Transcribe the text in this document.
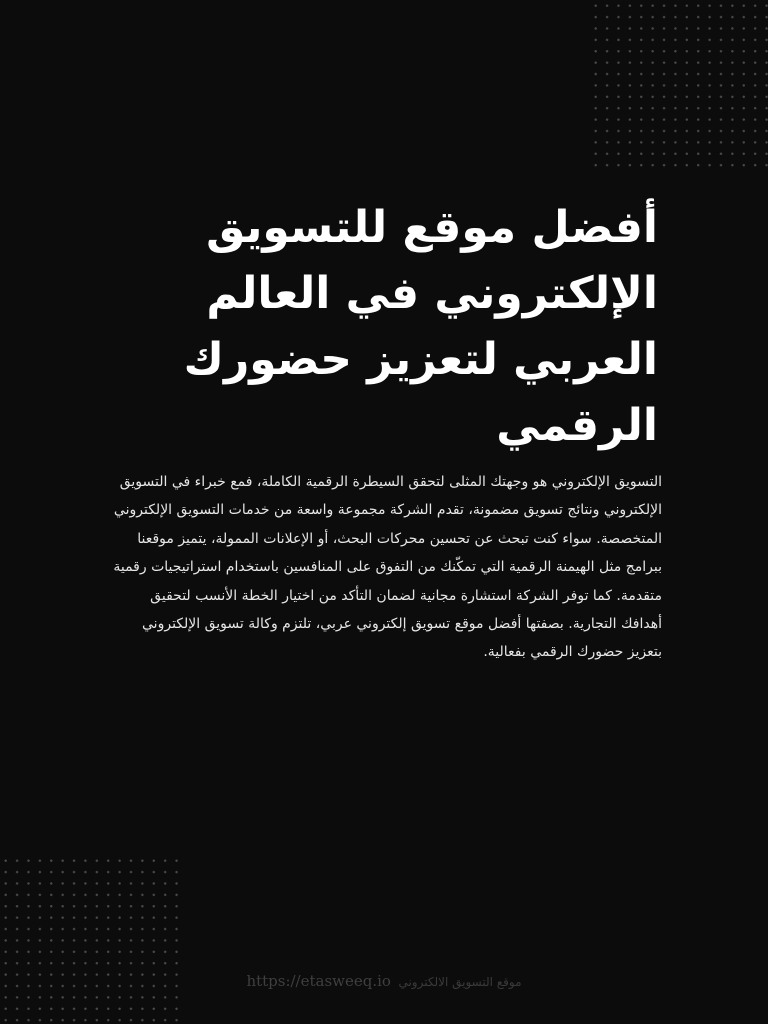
أفضل موقع للتسويق الإلكتروني في العالم العربي لتعزيز حضورك الرقمي

التسويق الإلكتروني هو وجهتك المثلى لتحقق السيطرة الرقمية الكاملة، فمع خبراء في التسويق الإلكتروني ونتائج تسويق مضمونة، تقدم الشركة مجموعة واسعة من خدمات التسويق الإلكتروني المتخصصة. سواء كنت تبحث عن تحسين محركات البحث، أو الإعلانات الممولة، يتميز موقعنا ببرامج مثل الهيمنة الرقمية التي تمكّنك من التفوق على المنافسين باستخدام استراتيجيات رقمية متقدمة. كما توفر الشركة استشارة مجانية لضمان التأكد من اختيار الخطة الأنسب لتحقيق أهدافك التجارية. بصفتها أفضل موقع تسويق إلكتروني عربي، تلتزم وكالة تسويق الإلكتروني بتعزيز حضورك الرقمي بفعالية.

https://etasweeq.io موقع التسويق الالكتروني
